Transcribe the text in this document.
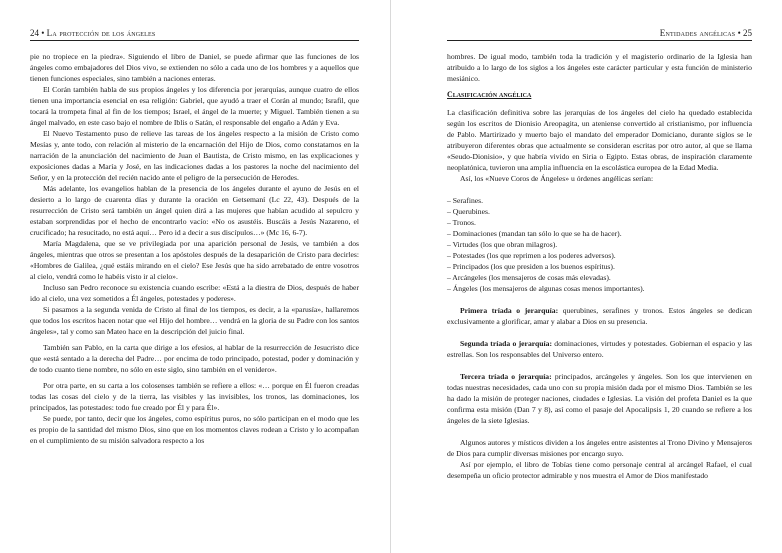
24 • La protección de los ángeles

pie no tropiece en la piedra». Siguiendo el libro de Daniel, se puede afirmar que las funciones de los ángeles como embajadores del Dios vivo, se extienden no sólo a cada uno de los hombres y a aquellos que tienen funciones especiales, sino también a naciones enteras.

El Corán también habla de sus propios ángeles y los diferencia por jerarquías, aunque cuatro de ellos tienen una importancia esencial en esa religión: Gabriel, que ayudó a traer el Corán al mundo; Israfil, que tocará la trompeta final al fin de los tiempos; Israel, el ángel de la muerte; y Miguel. También tienen a su ángel malvado, en este caso bajo el nombre de Iblis o Satán, el responsable del engaño a Adán y Eva.

El Nuevo Testamento puso de relieve las tareas de los ángeles respecto a la misión de Cristo como Mesías y, ante todo, con relación al misterio de la encarnación del Hijo de Dios, como constatamos en la narración de la anunciación del nacimiento de Juan el Bautista, de Cristo mismo, en las explicaciones y exposiciones dadas a María y José, en las indicaciones dadas a los pastores la noche del nacimiento del Señor, y en la protección del recién nacido ante el peligro de la persecución de Herodes.

Más adelante, los evangelios hablan de la presencia de los ángeles durante el ayuno de Jesús en el desierto a lo largo de cuarenta días y durante la oración en Getsemaní (Lc 22, 43). Después de la resurrección de Cristo será también un ángel quien dirá a las mujeres que habían acudido al sepulcro y estaban sorprendidas por el hecho de encontrarlo vacío: «No os asustéis. Buscáis a Jesús Nazareno, el crucificado; ha resucitado, no está aquí… Pero id a decir a sus discípulos…» (Mc 16, 6-7).

María Magdalena, que se ve privilegiada por una aparición personal de Jesús, ve también a dos ángeles, mientras que otros se presentan a los apóstoles después de la desaparición de Cristo para decirles: «Hombres de Galilea, ¿qué estáis mirando en el cielo? Ese Jesús que ha sido arrebatado de entre vosotros al cielo, vendrá como le habéis visto ir al cielo».

Incluso san Pedro reconoce su existencia cuando escribe: «Está a la diestra de Dios, después de haber ido al cielo, una vez sometidos a Él ángeles, potestades y poderes».

Si pasamos a la segunda venida de Cristo al final de los tiempos, es decir, a la «parusía», hallaremos que todos los escritos hacen notar que «el Hijo del hombre… vendrá en la gloria de su Padre con los santos ángeles», tal y como san Mateo hace en la descripción del juicio final.

También san Pablo, en la carta que dirige a los efesios, al hablar de la resurrección de Jesucristo dice que «está sentado a la derecha del Padre… por encima de todo principado, potestad, poder y dominación y de todo cuanto tiene nombre, no sólo en este siglo, sino también en el venidero».

Por otra parte, en su carta a los colosenses también se refiere a ellos: «… porque en Él fueron creadas todas las cosas del cielo y de la tierra, las visibles y las invisibles, los tronos, las dominaciones, los principados, las potestades: todo fue creado por Él y para Él».

Se puede, por tanto, decir que los ángeles, como espíritus puros, no sólo participan en el modo que les es propio de la santidad del mismo Dios, sino que en los momentos claves rodean a Cristo y lo acompañan en el cumplimiento de su misión salvadora respecto a los

Entidades angélicas • 25

hombres. De igual modo, también toda la tradición y el magisterio ordinario de la Iglesia han atribuido a lo largo de los siglos a los ángeles este carácter particular y esta función de ministerio mesiánico.

Clasificación angélica

La clasificación definitiva sobre las jerarquías de los ángeles del cielo ha quedado establecida según los escritos de Dionisio Areopagita, un ateniense convertido al cristianismo, por influencia de Pablo. Martirizado y muerto bajo el mandato del emperador Domiciano, durante siglos se le atribuyeron diferentes obras que actualmente se consideran escritas por otro autor, al que se llama «Seudo-Dionisio», y que habría vivido en Siria o Egipto. Estas obras, de inspiración claramente neoplatónica, tuvieron una amplia influencia en la escolástica europea de la Edad Media.

Así, los «Nueve Coros de Ángeles» u órdenes angélicas serían:

– Serafines.
– Querubines.
– Tronos.
– Dominaciones (mandan tan sólo lo que se ha de hacer).
– Virtudes (los que obran milagros).
– Potestades (los que reprimen a los poderes adversos).
– Principados (los que presiden a los buenos espíritus).
– Arcángeles (los mensajeros de cosas más elevadas).
– Ángeles (los mensajeros de algunas cosas menos importantes).

Primera tríada o jerarquía: querubines, serafines y tronos. Estos ángeles se dedican exclusivamente a glorificar, amar y alabar a Dios en su presencia.

Segunda tríada o jerarquía: dominaciones, virtudes y potestades. Gobiernan el espacio y las estrellas. Son los responsables del Universo entero.

Tercera tríada o jerarquía: principados, arcángeles y ángeles. Son los que intervienen en todas nuestras necesidades, cada uno con su propia misión dada por el mismo Dios. También se les ha dado la misión de proteger naciones, ciudades e Iglesias. La visión del profeta Daniel es la que confirma esta misión (Dan 7 y 8), así como el pasaje del Apocalipsis 1, 20 cuando se refiere a los ángeles de la siete Iglesias.

Algunos autores y místicos dividen a los ángeles entre asistentes al Trono Divino y Mensajeros de Dios para cumplir diversas misiones por encargo suyo.

Así por ejemplo, el libro de Tobías tiene como personaje central al arcángel Rafael, el cual desempeña un oficio protector admirable y nos muestra el Amor de Dios manifestado
